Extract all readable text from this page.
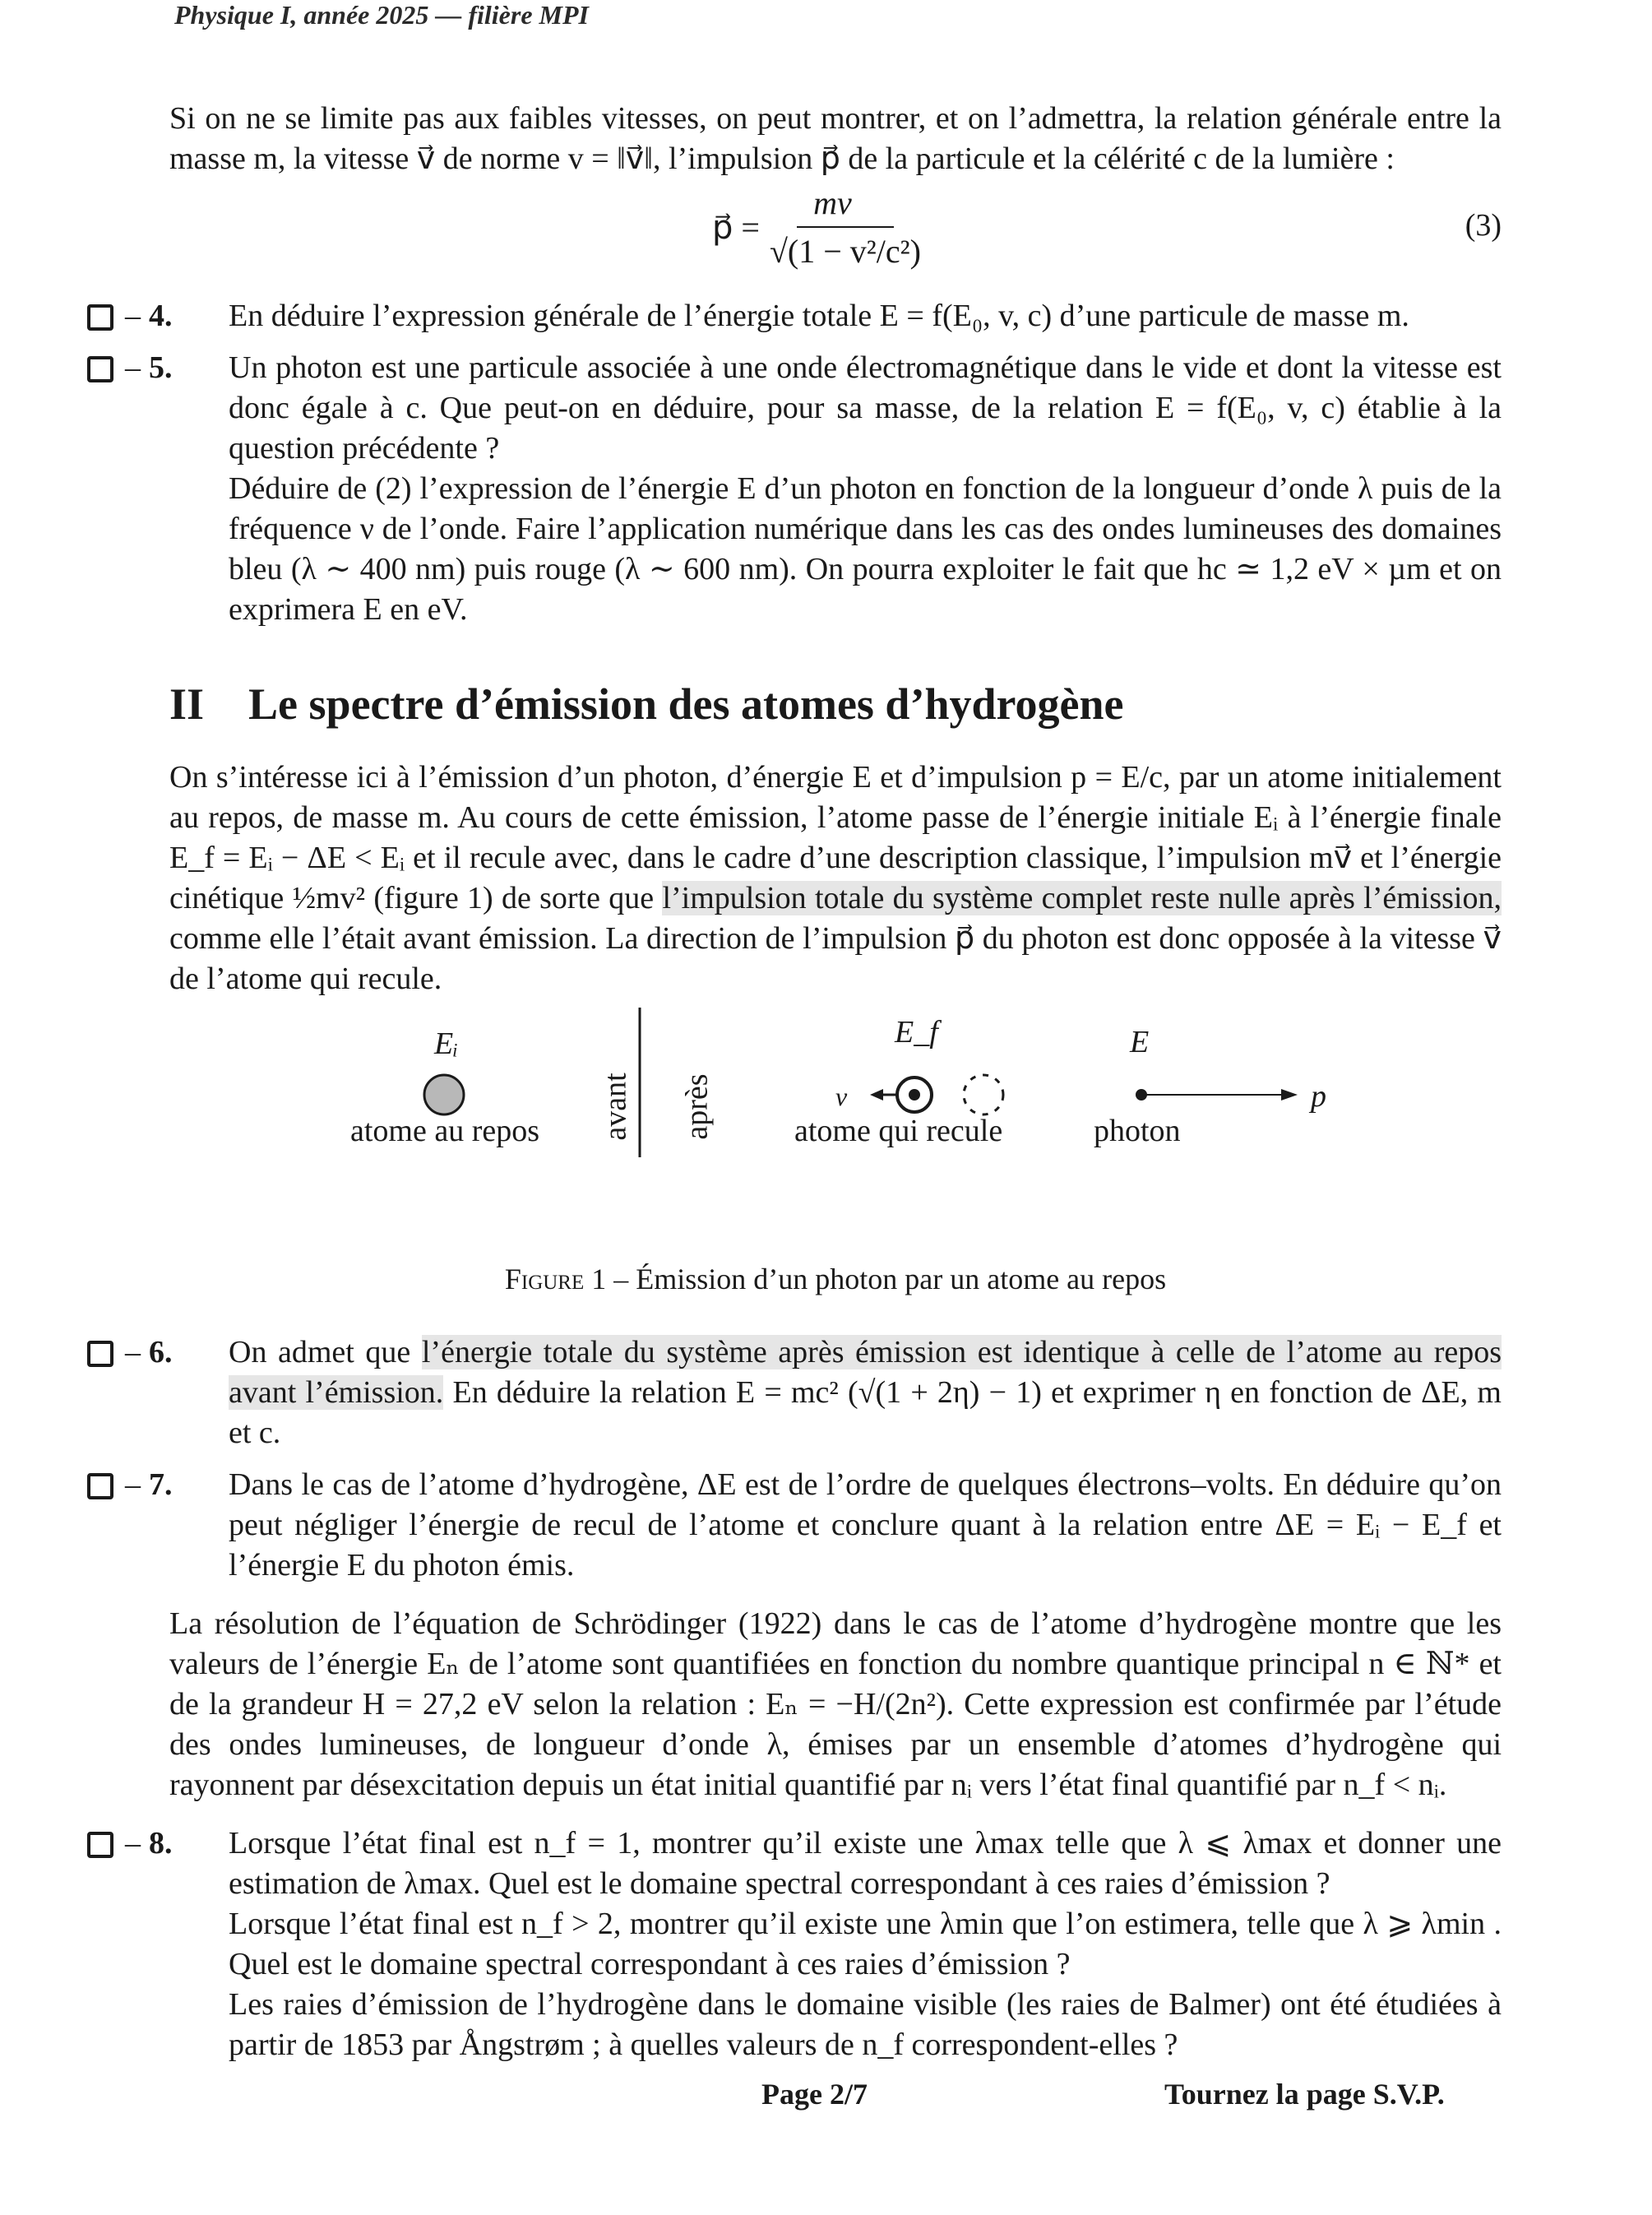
Physique I, année 2025 — filière MPI

Si on ne se limite pas aux faibles vitesses, on peut montrer, et on l’admettra, la relation générale entre la masse m, la vitesse v⃗ de norme v = ‖v⃗‖, l’impulsion p⃗ de la particule et la célérité c de la lumière :

p⃗ = $\frac{mv⃗}{\text{√(1 − v²/c²)}}$	(3)
– 4.	En déduire l’expression générale de l’énergie totale E = f(E₀, v, c) d’une particule de masse m.

– 5.	Un photon est une particule associée à une onde électromagnétique dans le vide et dont la vitesse est donc égale à c. Que peut-on en déduire, pour sa masse, de la relation E = f(E₀, v, c) établie à la question précédente ?

Déduire de (2) l’expression de l’énergie E d’un photon en fonction de la longueur d’onde λ puis de la fréquence ν de l’onde. Faire l’application numérique dans les cas des ondes lumineuses des domaines bleu (λ ∼ 400 nm) puis rouge (λ ∼ 600 nm). On pourra exploiter le fait que hc ≃ 1,2 eV × µm et on exprimera E en eV.

II Le spectre d’émission des atomes d’hydrogène

On s’intéresse ici à l’émission d’un photon, d’énergie E et d’impulsion p = E/c, par un atome initialement au repos, de masse m. Au cours de cette émission, l’atome passe de l’énergie initiale Eᵢ à l’énergie finale E_f = Eᵢ − ΔE < Eᵢ et il recule avec, dans le cadre d’une description classique, l’impulsion mv⃗ et l’énergie cinétique ½mv² (figure 1) de sorte que l’impulsion totale du système complet reste nulle après l’émission, comme elle l’était avant émission. La direction de l’impulsion p⃗ du photon est donc opposée à la vitesse v⃗ de l’atome qui recule.

Eᵢ
atome au repos	avant après
E_f
v⃗
atome qui recule
E
p⃗
photon
Figure 1 – Émission d’un photon par un atome au repos
– 6.	On admet que l’énergie totale du système après émission est identique à celle de l’atome au repos avant l’émission. En déduire la relation E = mc² (√(1 + 2η) − 1) et exprimer η en fonction de ΔE, m et c.

– 7.	Dans le cas de l’atome d’hydrogène, ΔE est de l’ordre de quelques électrons–volts. En déduire qu’on peut négliger l’énergie de recul de l’atome et conclure quant à la relation entre ΔE = Eᵢ − E_f et l’énergie E du photon émis.

La résolution de l’équation de Schrödinger (1922) dans le cas de l’atome d’hydrogène montre que les valeurs de l’énergie Eₙ de l’atome sont quantifiées en fonction du nombre quantique principal n ∈ ℕ* et de la grandeur H = 27,2 eV selon la relation : Eₙ = −H/(2n²). Cette expression est confirmée par l’étude des ondes lumineuses, de longueur d’onde λ, émises par un ensemble d’atomes d’hydrogène qui rayonnent par désexcitation depuis un état initial quantifié par nᵢ vers l’état final quantifié par n_f < nᵢ.

– 8.	Lorsque l’état final est n_f = 1, montrer qu’il existe une λmax telle que λ ⩽ λmax et donner une estimation de λmax. Quel est le domaine spectral correspondant à ces raies d’émission ?

Lorsque l’état final est n_f > 2, montrer qu’il existe une λmin que l’on estimera, telle que λ ⩾ λmin . Quel est le domaine spectral correspondant à ces raies d’émission ?

Les raies d’émission de l’hydrogène dans le domaine visible (les raies de Balmer) ont été étudiées à partir de 1853 par Ångstrøm ; à quelles valeurs de n_f correspondent-elles ?

Page 2/7	Tournez la page S.V.P.
